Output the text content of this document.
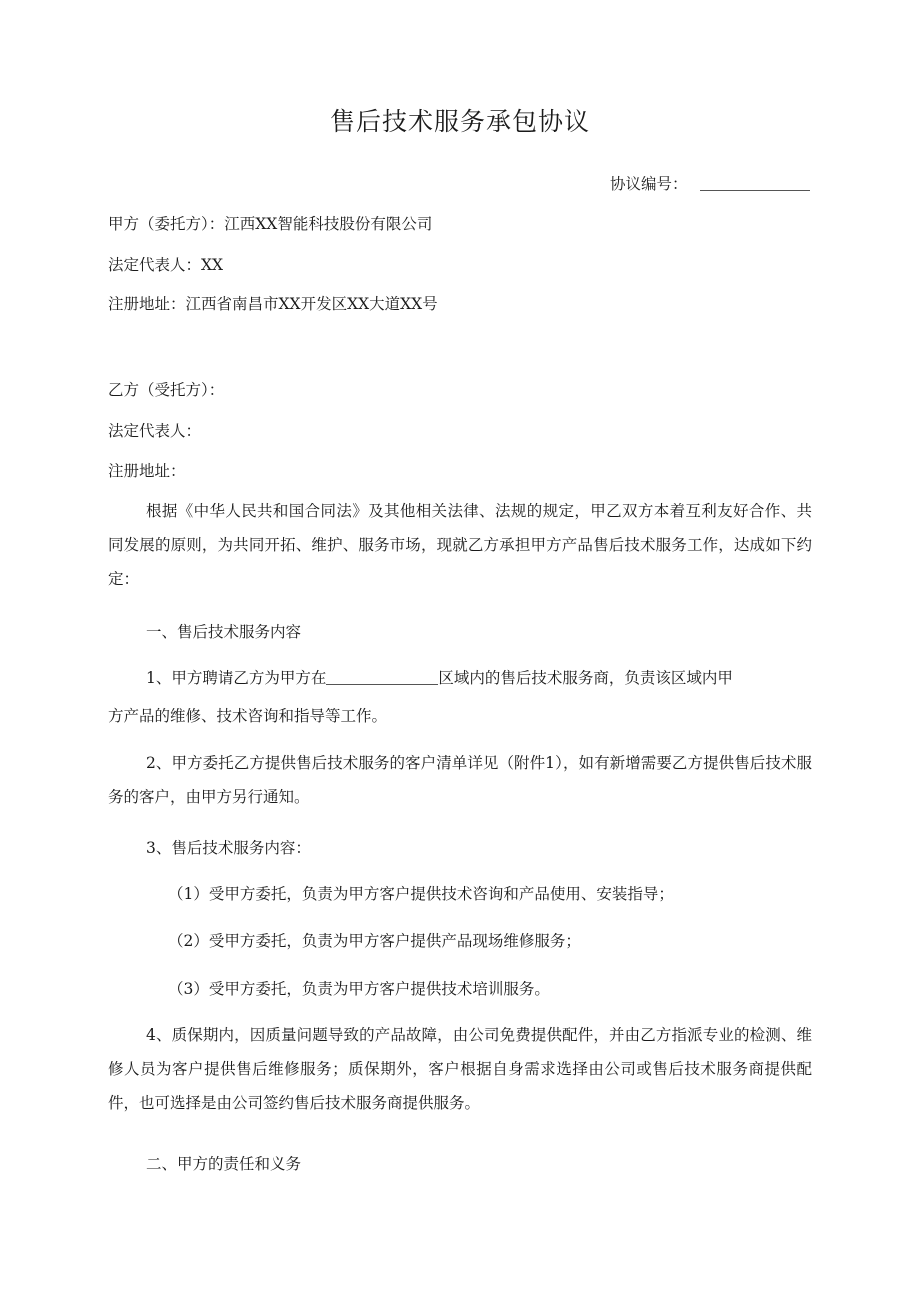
售后技术服务承包协议
协议编号：
甲方（委托方）：江西XX智能科技股份有限公司
法定代表人：XX
注册地址：江西省南昌市XX开发区XX大道XX号
乙方（受托方）：
法定代表人：
注册地址：
根据《中华人民共和国合同法》及其他相关法律、法规的规定，甲乙双方本着互利友好合作、共同发展的原则，为共同开拓、维护、服务市场，现就乙方承担甲方产品售后技术服务工作，达成如下约定：
一、售后技术服务内容
1、甲方聘请乙方为甲方在	区域内的售后技术服务商，负责该区域内甲
方产品的维修、技术咨询和指导等工作。
2、甲方委托乙方提供售后技术服务的客户清单详见（附件1），如有新增需要乙方提供售后技术服务的客户，由甲方另行通知。
3、售后技术服务内容：
（1）受甲方委托，负责为甲方客户提供技术咨询和产品使用、安装指导；
（2）受甲方委托，负责为甲方客户提供产品现场维修服务；
（3）受甲方委托，负责为甲方客户提供技术培训服务。
4、质保期内，因质量问题导致的产品故障，由公司免费提供配件，并由乙方指派专业的检测、维修人员为客户提供售后维修服务；质保期外，客户根据自身需求选择由公司或售后技术服务商提供配件，也可选择是由公司签约售后技术服务商提供服务。
二、甲方的责任和义务
